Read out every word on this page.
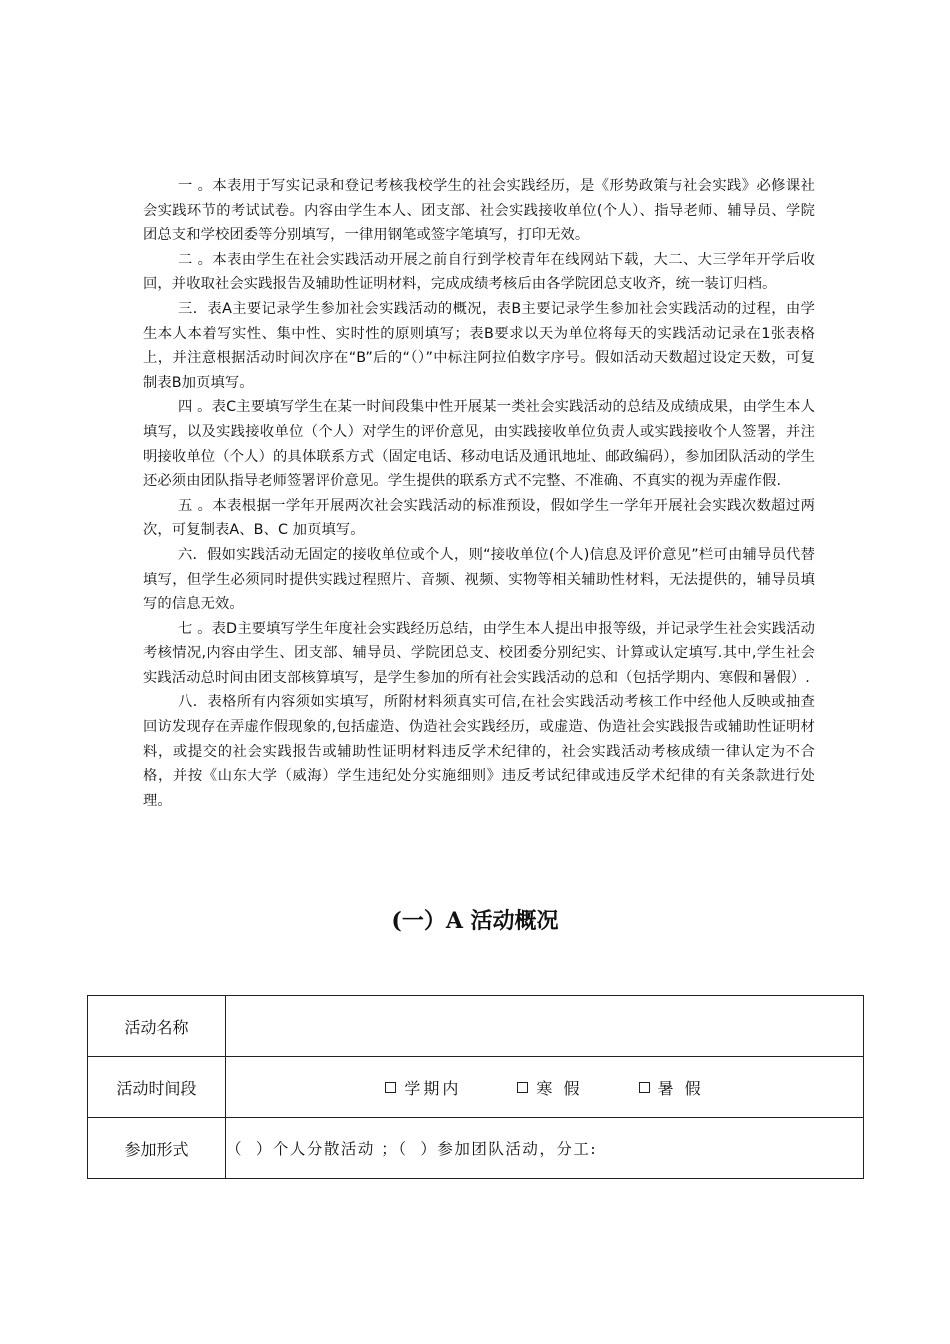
一 。本表用于写实记录和登记考核我校学生的社会实践经历，是《形势政策与社会实践》必修课社会实践环节的考试试卷。内容由学生本人、团支部、社会实践接收单位(个人）、指导老师、辅导员、学院团总支和学校团委等分别填写，一律用钢笔或签字笔填写，打印无效。

二 。本表由学生在社会实践活动开展之前自行到学校青年在线网站下载，大二、大三学年开学后收回，并收取社会实践报告及辅助性证明材料，完成成绩考核后由各学院团总支收齐，统一装订归档。

三．表A主要记录学生参加社会实践活动的概况，表B主要记录学生参加社会实践活动的过程，由学生本人本着写实性、集中性、实时性的原则填写；表B要求以天为单位将每天的实践活动记录在1张表格上，并注意根据活动时间次序在“B”后的“（）”中标注阿拉伯数字序号。假如活动天数超过设定天数，可复制表B加页填写。

四 。表C主要填写学生在某一时间段集中性开展某一类社会实践活动的总结及成绩成果，由学生本人填写，以及实践接收单位（个人）对学生的评价意见，由实践接收单位负责人或实践接收个人签署，并注明接收单位（个人）的具体联系方式（固定电话、移动电话及通讯地址、邮政编码），参加团队活动的学生还必须由团队指导老师签署评价意见。学生提供的联系方式不完整、不准确、不真实的视为弄虚作假.

五 。本表根据一学年开展两次社会实践活动的标准预设，假如学生一学年开展社会实践次数超过两次，可复制表A、B、C 加页填写。

六．假如实践活动无固定的接收单位或个人，则“接收单位(个人)信息及评价意见”栏可由辅导员代替填写，但学生必须同时提供实践过程照片、音频、视频、实物等相关辅助性材料，无法提供的，辅导员填写的信息无效。

七 。表D主要填写学生年度社会实践经历总结，由学生本人提出申报等级，并记录学生社会实践活动考核情况,内容由学生、团支部、辅导员、学院团总支、校团委分别纪实、计算或认定填写.其中,学生社会实践活动总时间由团支部核算填写，是学生参加的所有社会实践活动的总和（包括学期内、寒假和暑假）.

八．表格所有内容须如实填写，所附材料须真实可信,在社会实践活动考核工作中经他人反映或抽查回访发现存在弄虚作假现象的,包括虚造、伪造社会实践经历，或虚造、伪造社会实践报告或辅助性证明材料，或提交的社会实践报告或辅助性证明材料违反学术纪律的，社会实践活动考核成绩一律认定为不合格，并按《山东大学（威海）学生违纪处分实施细则》违反考试纪律或违反学术纪律的有关条款进行处理。

(一）A 活动概况
活动名称	
活动时间段	学期内 寒 假 暑 假

参加形式	（  ）个人分散活动 ；（  ）参加团队活动，分工:
